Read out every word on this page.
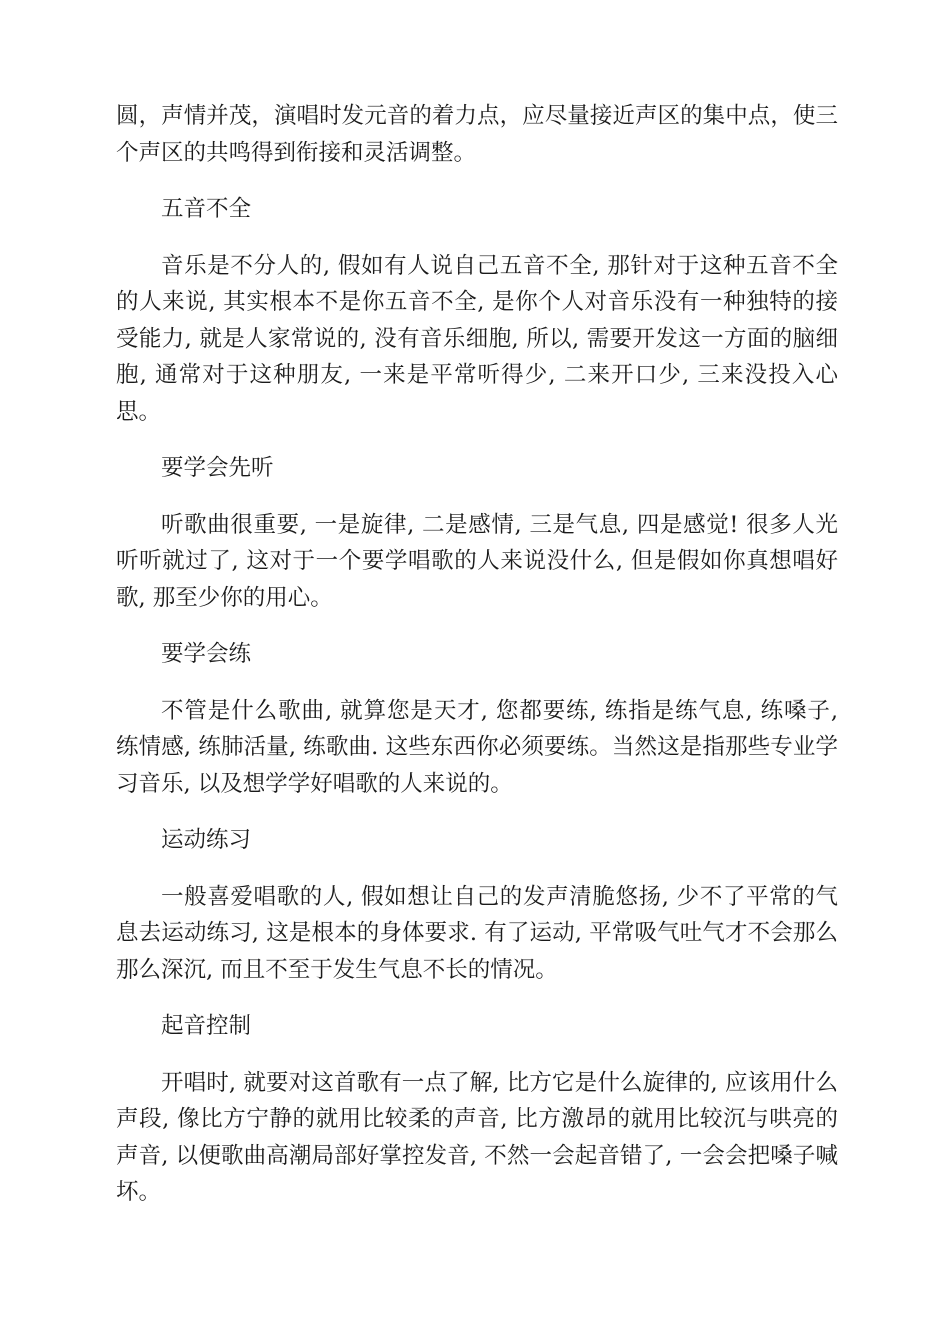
圆，声情并茂，演唱时发元音的着力点，应尽量接近声区的集中点，使三个声区的共鸣得到衔接和灵活调整。

五音不全

音乐是不分人的, 假如有人说自己五音不全, 那针对于这种五音不全的人来说, 其实根本不是你五音不全, 是你个人对音乐没有一种独特的接受能力, 就是人家常说的, 没有音乐细胞, 所以, 需要开发这一方面的脑细胞, 通常对于这种朋友, 一来是平常听得少, 二来开口少, 三来没投入心思。

要学会先听

听歌曲很重要, 一是旋律, 二是感情, 三是气息, 四是感觉! 很多人光听听就过了, 这对于一个要学唱歌的人来说没什么, 但是假如你真想唱好歌, 那至少你的用心。

要学会练

不管是什么歌曲, 就算您是天才, 您都要练, 练指是练气息, 练嗓子, 练情感, 练肺活量, 练歌曲. 这些东西你必须要练。当然这是指那些专业学习音乐, 以及想学学好唱歌的人来说的。

运动练习

一般喜爱唱歌的人, 假如想让自己的发声清脆悠扬, 少不了平常的气息去运动练习, 这是根本的身体要求. 有了运动, 平常吸气吐气才不会那么那么深沉, 而且不至于发生气息不长的情况。

起音控制

开唱时, 就要对这首歌有一点了解, 比方它是什么旋律的, 应该用什么声段, 像比方宁静的就用比较柔的声音, 比方激昂的就用比较沉与哄亮的声音, 以便歌曲高潮局部好掌控发音, 不然一会起音错了, 一会会把嗓子喊坏。
